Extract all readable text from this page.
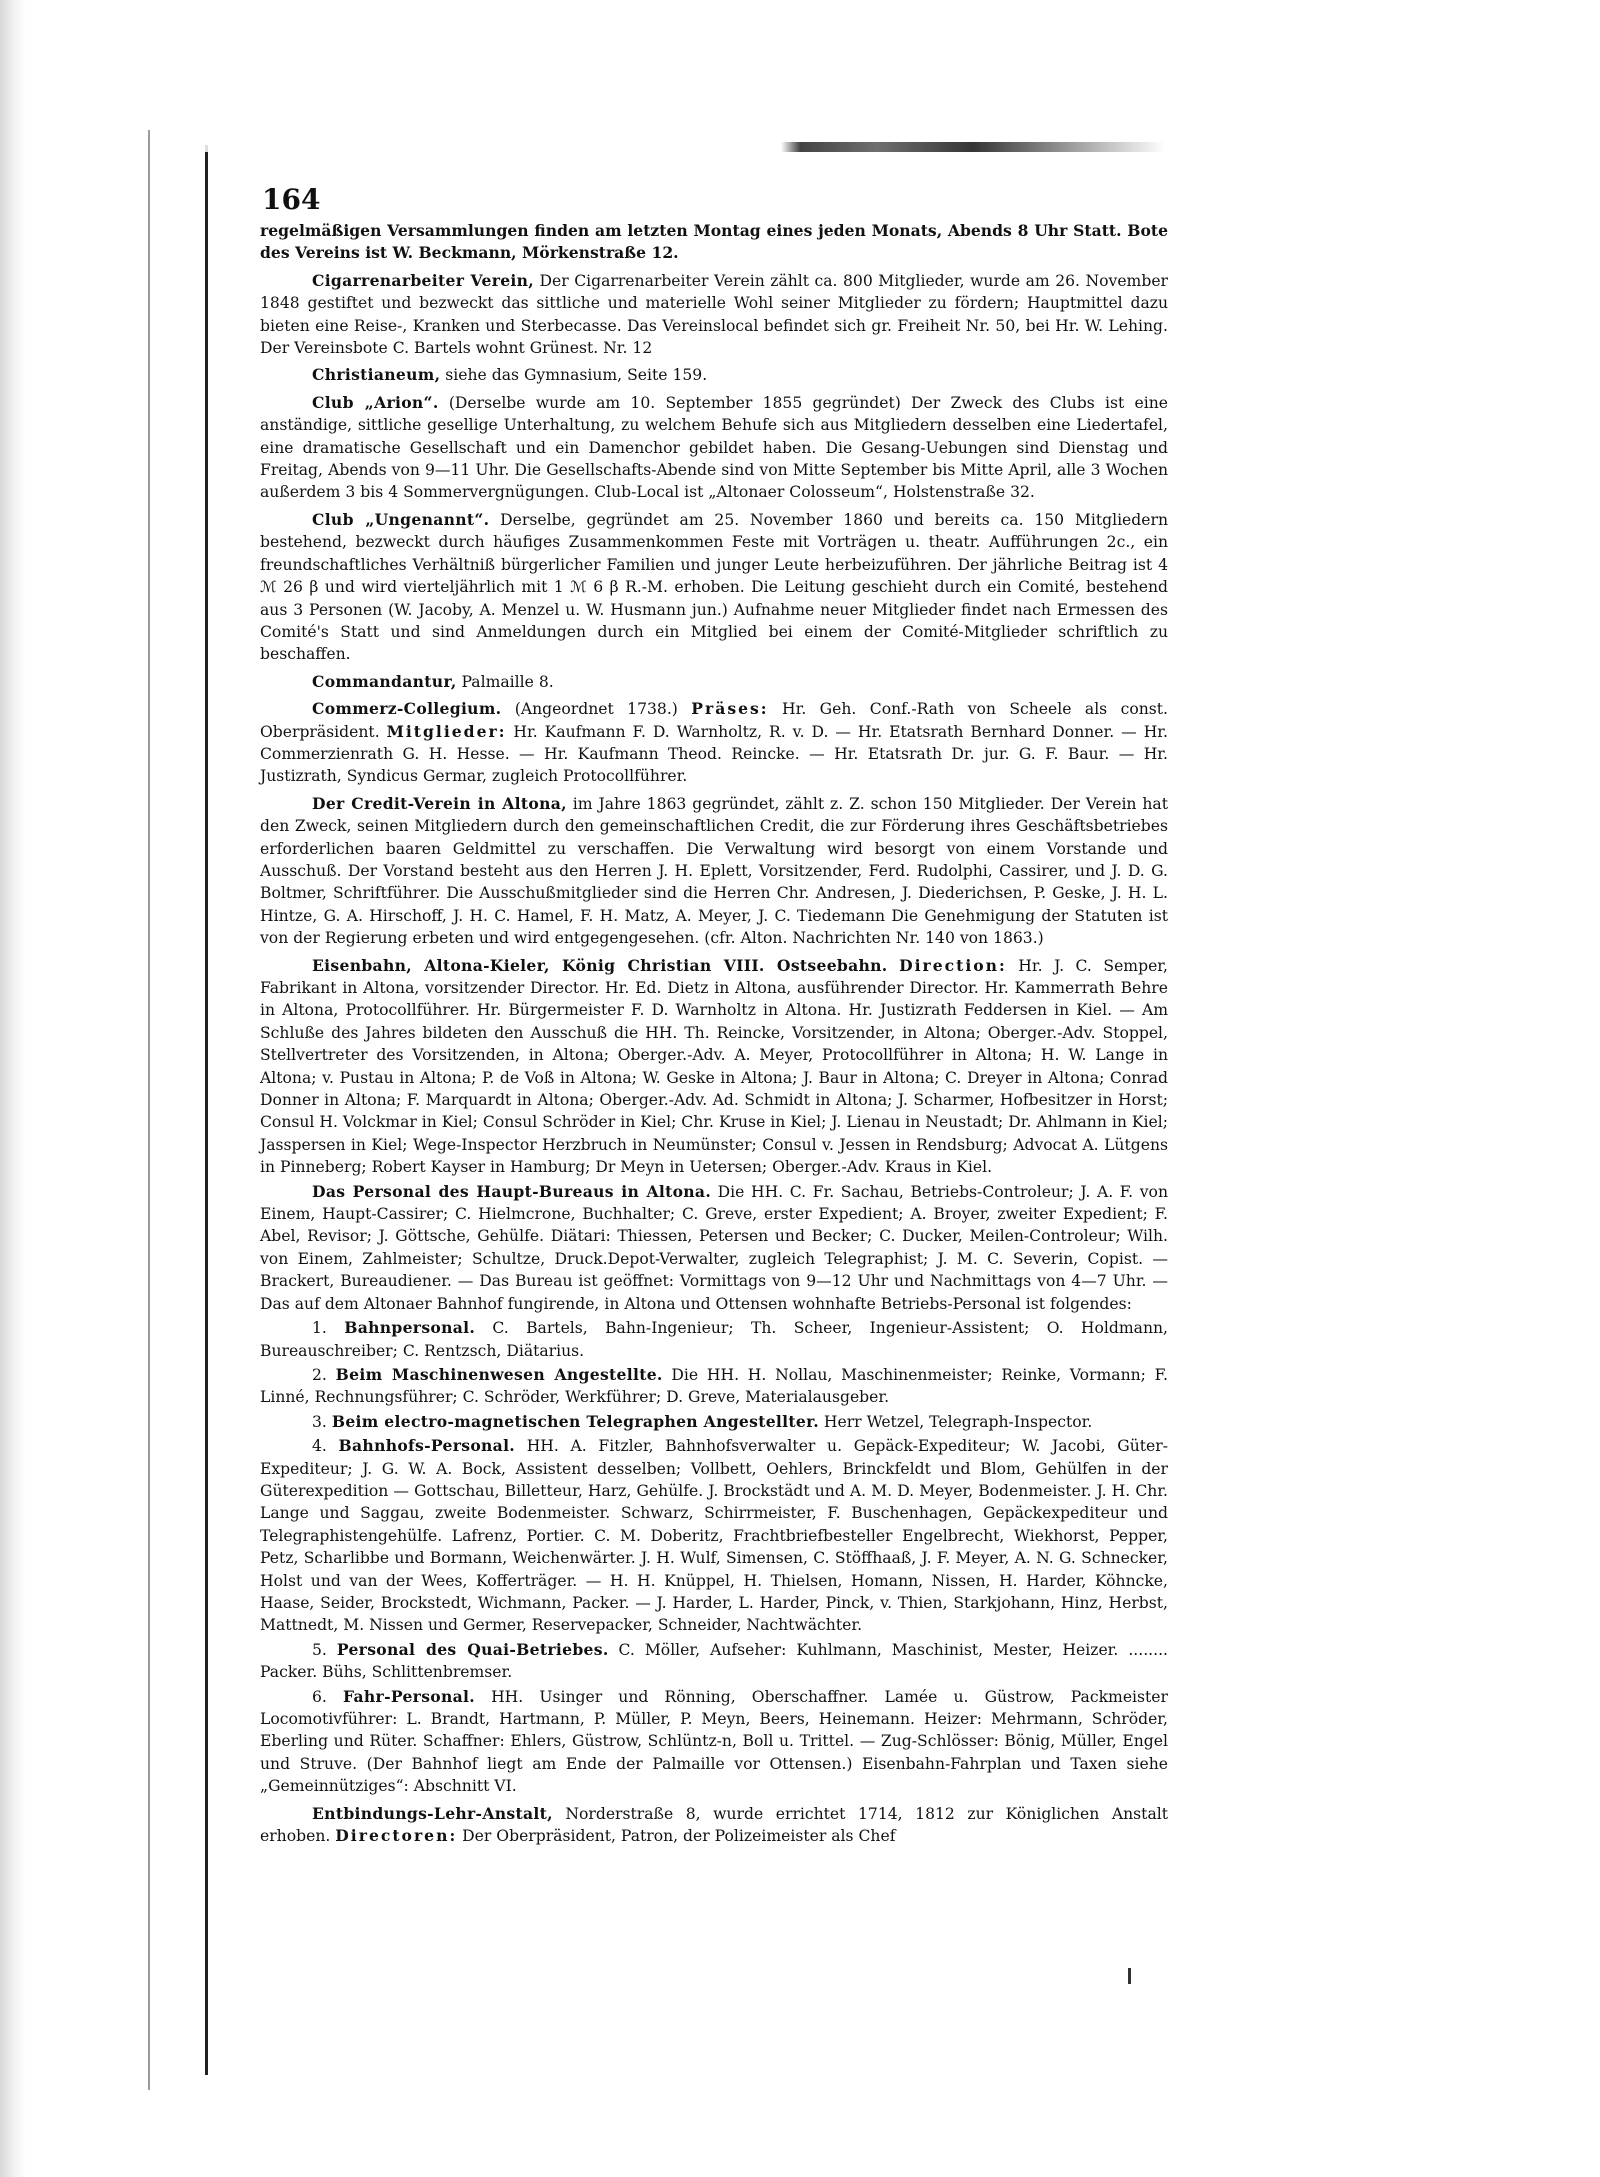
164

regelmäßigen Versammlungen finden am letzten Montag eines jeden Monats, Abends 8 Uhr Statt. Bote des Vereins ist W. Beckmann, Mörkenstraße 12.

Cigarrenarbeiter Verein, Der Cigarrenarbeiter Verein zählt ca. 800 Mitglieder, wurde am 26. November 1848 gestiftet und bezweckt das sittliche und materielle Wohl seiner Mitglieder zu fördern; Hauptmittel dazu bieten eine Reise-, Kranken und Sterbecasse. Das Vereinslocal befindet sich gr. Freiheit Nr. 50, bei Hr. W. Lehing. Der Vereinsbote C. Bartels wohnt Grünest. Nr. 12

Christianeum, siehe das Gymnasium, Seite 159.

Club „Arion“. (Derselbe wurde am 10. September 1855 gegründet) Der Zweck des Clubs ist eine anständige, sittliche gesellige Unterhaltung, zu welchem Behufe sich aus Mitgliedern desselben eine Liedertafel, eine dramatische Gesellschaft und ein Damenchor gebildet haben. Die Gesang-Uebungen sind Dienstag und Freitag, Abends von 9—11 Uhr. Die Gesellschafts-Abende sind von Mitte September bis Mitte April, alle 3 Wochen außerdem 3 bis 4 Sommervergnügungen. Club-Local ist „Altonaer Colosseum“, Holstenstraße 32.

Club „Ungenannt“. Derselbe, gegründet am 25. November 1860 und bereits ca. 150 Mitgliedern bestehend, bezweckt durch häufiges Zusammenkommen Feste mit Vorträgen u. theatr. Aufführungen 2c., ein freundschaftliches Verhältniß bürgerlicher Familien und junger Leute herbeizuführen. Der jährliche Beitrag ist 4 ℳ 26 β und wird vierteljährlich mit 1 ℳ 6 β R.-M. erhoben. Die Leitung geschieht durch ein Comité, bestehend aus 3 Personen (W. Jacoby, A. Menzel u. W. Husmann jun.) Aufnahme neuer Mitglieder findet nach Ermessen des Comité's Statt und sind Anmeldungen durch ein Mitglied bei einem der Comité-Mitglieder schriftlich zu beschaffen.

Commandantur, Palmaille 8.

Commerz-Collegium. (Angeordnet 1738.) Präses: Hr. Geh. Conf.-Rath von Scheele als const. Oberpräsident. Mitglieder: Hr. Kaufmann F. D. Warnholtz, R. v. D. — Hr. Etatsrath Bernhard Donner. — Hr. Commerzienrath G. H. Hesse. — Hr. Kaufmann Theod. Reincke. — Hr. Etatsrath Dr. jur. G. F. Baur. — Hr. Justizrath, Syndicus Germar, zugleich Protocollführer.

Der Credit-Verein in Altona, im Jahre 1863 gegründet, zählt z. Z. schon 150 Mitglieder. Der Verein hat den Zweck, seinen Mitgliedern durch den gemeinschaftlichen Credit, die zur Förderung ihres Geschäftsbetriebes erforderlichen baaren Geldmittel zu verschaffen. Die Verwaltung wird besorgt von einem Vorstande und Ausschuß. Der Vorstand besteht aus den Herren J. H. Eplett, Vorsitzender, Ferd. Rudolphi, Cassirer, und J. D. G. Boltmer, Schriftführer. Die Ausschußmitglieder sind die Herren Chr. Andresen, J. Diederichsen, P. Geske, J. H. L. Hintze, G. A. Hirschoff, J. H. C. Hamel, F. H. Matz, A. Meyer, J. C. Tiedemann Die Genehmigung der Statuten ist von der Regierung erbeten und wird entgegengesehen. (cfr. Alton. Nachrichten Nr. 140 von 1863.)

Eisenbahn, Altona-Kieler, König Christian VIII. Ostseebahn. Direction: Hr. J. C. Semper, Fabrikant in Altona, vorsitzender Director. Hr. Ed. Dietz in Altona, ausführender Director. Hr. Kammerrath Behre in Altona, Protocollführer. Hr. Bürgermeister F. D. Warnholtz in Altona. Hr. Justizrath Feddersen in Kiel. — Am Schluße des Jahres bildeten den Ausschuß die HH. Th. Reincke, Vorsitzender, in Altona; Oberger.-Adv. Stoppel, Stellvertreter des Vorsitzenden, in Altona; Oberger.-Adv. A. Meyer, Protocollführer in Altona; H. W. Lange in Altona; v. Pustau in Altona; P. de Voß in Altona; W. Geske in Altona; J. Baur in Altona; C. Dreyer in Altona; Conrad Donner in Altona; F. Marquardt in Altona; Oberger.-Adv. Ad. Schmidt in Altona; J. Scharmer, Hofbesitzer in Horst; Consul H. Volckmar in Kiel; Consul Schröder in Kiel; Chr. Kruse in Kiel; J. Lienau in Neustadt; Dr. Ahlmann in Kiel; Jasspersen in Kiel; Wege-Inspector Herzbruch in Neumünster; Consul v. Jessen in Rendsburg; Advocat A. Lütgens in Pinneberg; Robert Kayser in Hamburg; Dr Meyn in Uetersen; Oberger.-Adv. Kraus in Kiel.

Das Personal des Haupt-Bureaus in Altona. Die HH. C. Fr. Sachau, Betriebs-Controleur; J. A. F. von Einem, Haupt-Cassirer; C. Hielmcrone, Buchhalter; C. Greve, erster Expedient; A. Broyer, zweiter Expedient; F. Abel, Revisor; J. Göttsche, Gehülfe. Diätari: Thiessen, Petersen und Becker; C. Ducker, Meilen-Controleur; Wilh. von Einem, Zahlmeister; Schultze, Druck.Depot-Verwalter, zugleich Telegraphist; J. M. C. Severin, Copist. — Brackert, Bureaudiener. — Das Bureau ist geöffnet: Vormittags von 9—12 Uhr und Nachmittags von 4—7 Uhr. — Das auf dem Altonaer Bahnhof fungirende, in Altona und Ottensen wohnhafte Betriebs-Personal ist folgendes:

1. Bahnpersonal. C. Bartels, Bahn-Ingenieur; Th. Scheer, Ingenieur-Assistent; O. Holdmann, Bureauschreiber; C. Rentzsch, Diätarius.

2. Beim Maschinenwesen Angestellte. Die HH. H. Nollau, Maschinenmeister; Reinke, Vormann; F. Linné, Rechnungsführer; C. Schröder, Werkführer; D. Greve, Materialausgeber.

3. Beim electro-magnetischen Telegraphen Angestellter. Herr Wetzel, Telegraph-Inspector.

4. Bahnhofs-Personal. HH. A. Fitzler, Bahnhofsverwalter u. Gepäck-Expediteur; W. Jacobi, Güter-Expediteur; J. G. W. A. Bock, Assistent desselben; Vollbett, Oehlers, Brinckfeldt und Blom, Gehülfen in der Güterexpedition — Gottschau, Billetteur, Harz, Gehülfe. J. Brockstädt und A. M. D. Meyer, Bodenmeister. J. H. Chr. Lange und Saggau, zweite Bodenmeister. Schwarz, Schirrmeister, F. Buschenhagen, Gepäckexpediteur und Telegraphistengehülfe. Lafrenz, Portier. C. M. Doberitz, Frachtbriefbesteller Engelbrecht, Wiekhorst, Pepper, Petz, Scharlibbe und Bormann, Weichenwärter. J. H. Wulf, Simensen, C. Stöffhaaß, J. F. Meyer, A. N. G. Schnecker, Holst und van der Wees, Kofferträger. — H. H. Knüppel, H. Thielsen, Homann, Nissen, H. Harder, Köhncke, Haase, Seider, Brockstedt, Wichmann, Packer. — J. Harder, L. Harder, Pinck, v. Thien, Starkjohann, Hinz, Herbst, Mattnedt, M. Nissen und Germer, Reservepacker, Schneider, Nachtwächter.

5. Personal des Quai-Betriebes. C. Möller, Aufseher: Kuhlmann, Maschinist, Mester, Heizer. ........ Packer. Bühs, Schlittenbremser.

6. Fahr-Personal. HH. Usinger und Rönning, Oberschaffner. Lamée u. Güstrow, Packmeister Locomotivführer: L. Brandt, Hartmann, P. Müller, P. Meyn, Beers, Heinemann. Heizer: Mehrmann, Schröder, Eberling und Rüter. Schaffner: Ehlers, Güstrow, Schlüntz-n, Boll u. Trittel. — Zug-Schlösser: Bönig, Müller, Engel und Struve. (Der Bahnhof liegt am Ende der Palmaille vor Ottensen.) Eisenbahn-Fahrplan und Taxen siehe „Gemeinnütziges“: Abschnitt VI.

Entbindungs-Lehr-Anstalt, Norderstraße 8, wurde errichtet 1714, 1812 zur Königlichen Anstalt erhoben. Directoren: Der Oberpräsident, Patron, der Polizeimeister als Chef
